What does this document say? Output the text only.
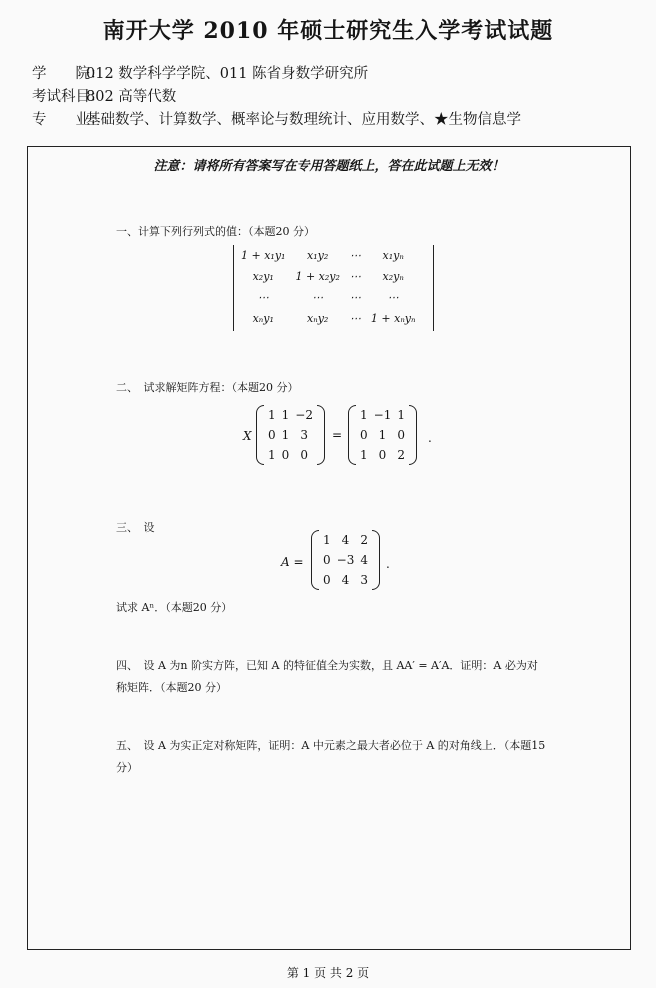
南开大学 2010 年硕士研究生入学考试试题
学　　院：012 数学科学学院、011 陈省身数学研究所
考试科目：802 高等代数
专　　业：基础数学、计算数学、概率论与数理统计、应用数学、★生物信息学
注意：请将所有答案写在专用答题纸上，答在此试题上无效！
一、计算下列行列式的值：（本题20 分）
1 + x₁y₁	x₁y₂	⋯	x₁yₙ
x₂y₁	1 + x₂y₂	⋯	x₂yₙ
⋯	⋯	⋯	⋯
xₙy₁	xₙy₂	⋯	1 + xₙyₙ
二、　试求解矩阵方程：（本题20 分）
X
1	1	−2
0	1	3
1	0	0
=
1	−1	1
0	1	0
1	0	2
.
三、　设
A =
1	4	2
0	−3	4
0	4	3
.
试求 Aⁿ．（本题20 分）
四、　设 A 为n 阶实方阵，已知 A 的特征值全为实数，且 AA′ = A′A．证明：A 必为对
称矩阵．（本题20 分）
五、　设 A 为实正定对称矩阵，证明：A 中元素之最大者必位于 A 的对角线上．（本题15
分）
第 1 页 共 2 页
